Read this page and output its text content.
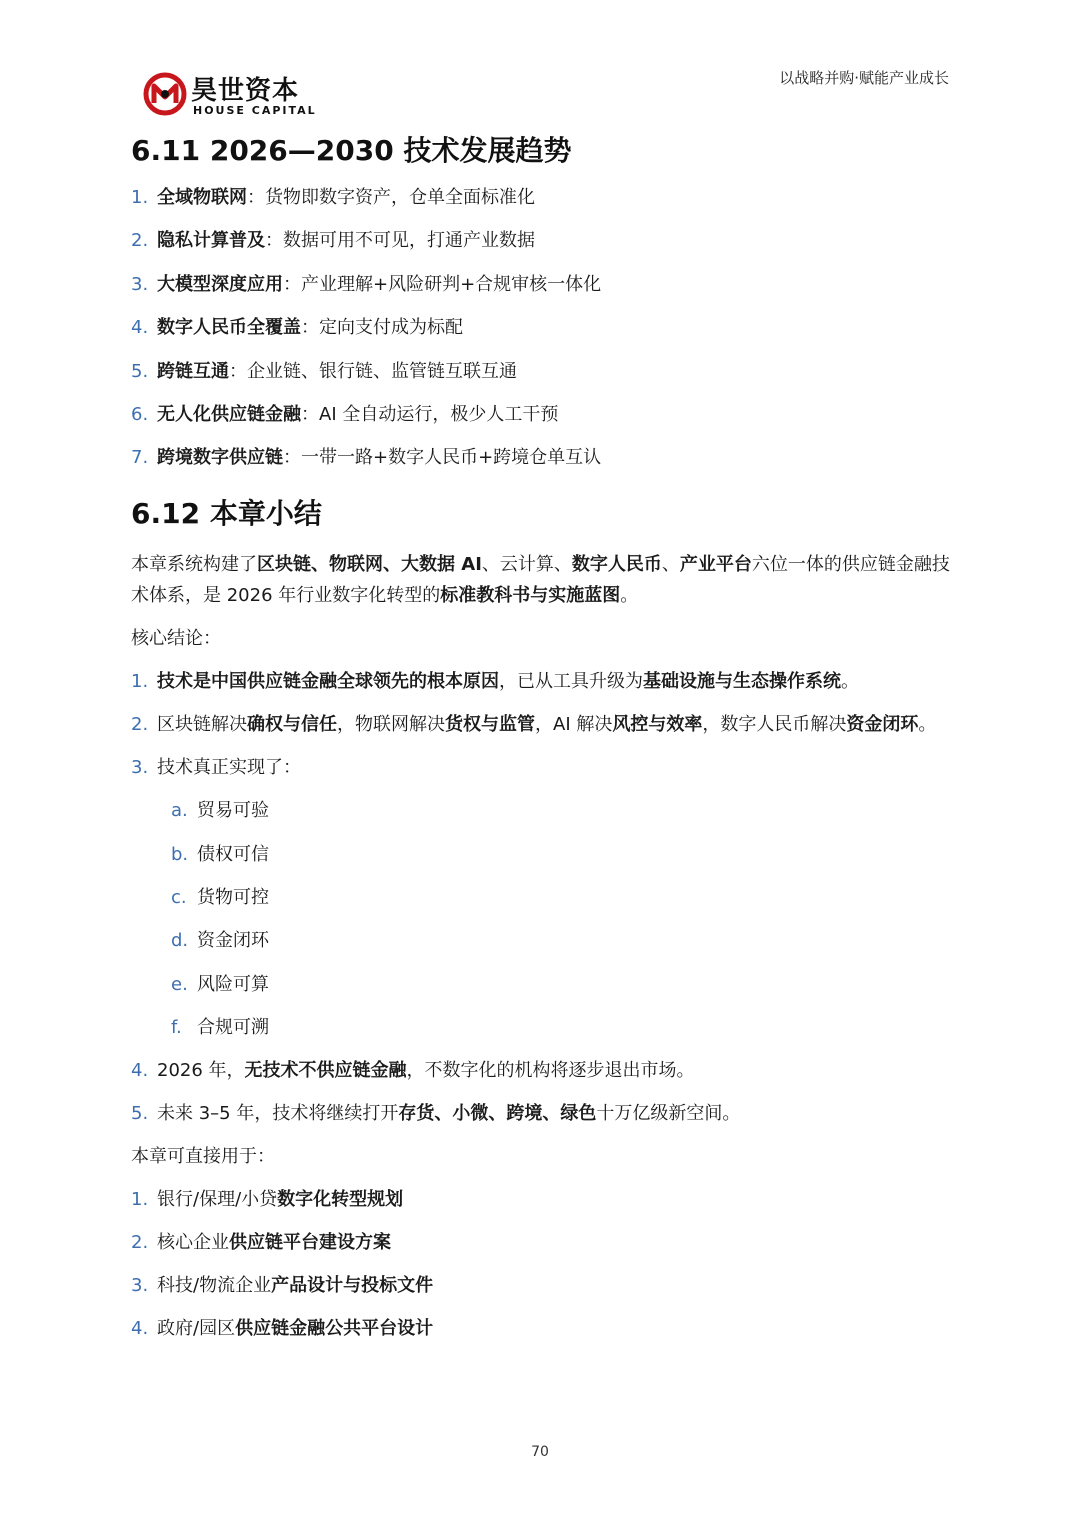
昊世资本
HOUSE CAPITAL
以战略并购·赋能产业成长
6.11 2026—2030 技术发展趋势
1. 全域物联网：货物即数字资产，仓单全面标准化
2. 隐私计算普及：数据可用不可见，打通产业数据
3. 大模型深度应用：产业理解+风险研判+合规审核一体化
4. 数字人民币全覆盖：定向支付成为标配
5. 跨链互通：企业链、银行链、监管链互联互通
6. 无人化供应链金融：AI 全自动运行，极少人工干预
7. 跨境数字供应链：一带一路+数字人民币+跨境仓单互认
6.12 本章小结

本章系统构建了区块链、物联网、大数据 AI、云计算、数字人民币、产业平台六位一体的供应链金融技术体系，是 2026 年行业数字化转型的标准教科书与实施蓝图。

核心结论：

1. 技术是中国供应链金融全球领先的根本原因，已从工具升级为基础设施与生态操作系统。
2. 区块链解决确权与信任，物联网解决货权与监管，AI 解决风控与效率，数字人民币解决资金闭环。
3. 技术真正实现了：
a. 贸易可验
b. 债权可信
c. 货物可控
d. 资金闭环
e. 风险可算
f. 合规可溯
4. 2026 年，无技术不供应链金融，不数字化的机构将逐步退出市场。
5. 未来 3–5 年，技术将继续打开存货、小微、跨境、绿色十万亿级新空间。

本章可直接用于：

1. 银行/保理/小贷数字化转型规划
2. 核心企业供应链平台建设方案
3. 科技/物流企业产品设计与投标文件
4. 政府/园区供应链金融公共平台设计
70
